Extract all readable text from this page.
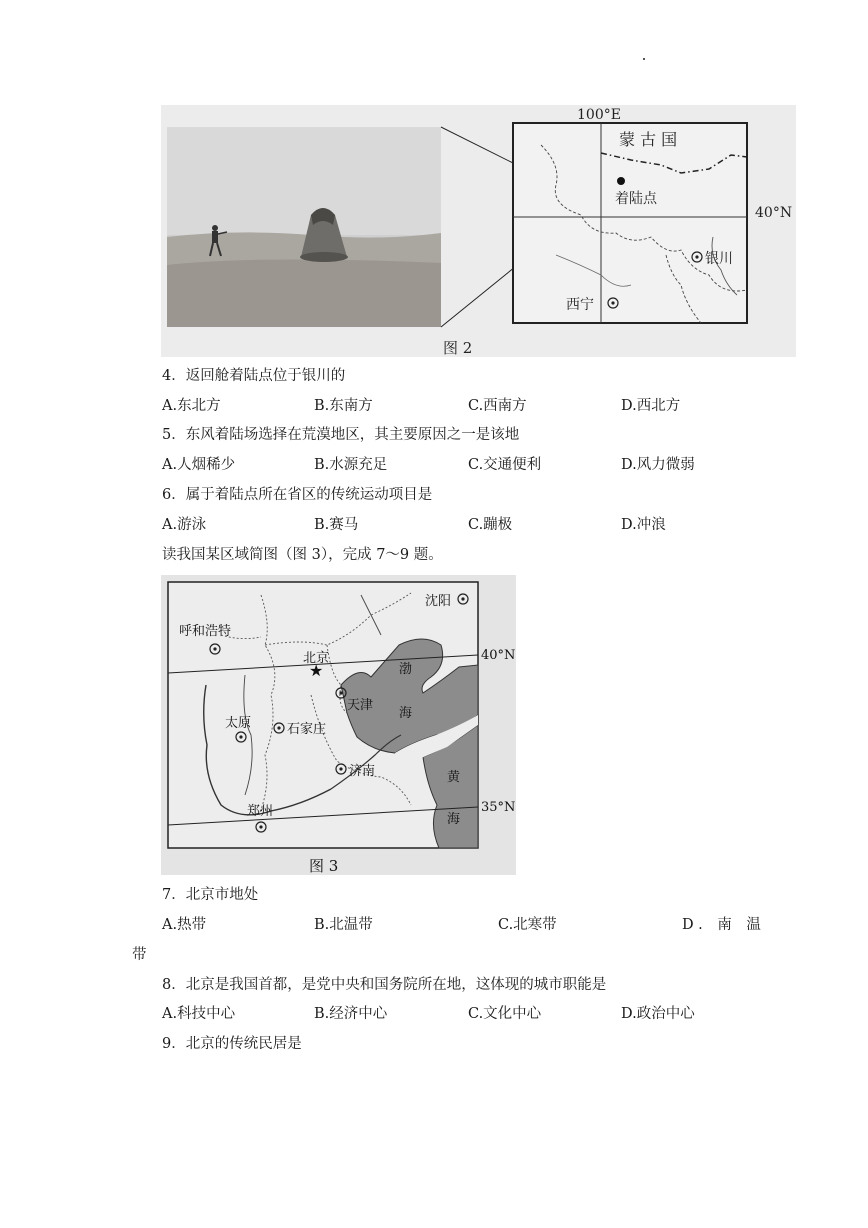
100°E
40°N
蒙 古 国
着陆点
银川
西宁
图 2
4．返回舱着陆点位于银川的
A.东北方	B.东南方	C.西南方	D.西北方
5．东风着陆场选择在荒漠地区，其主要原因之一是该地
A.人烟稀少	B.水源充足	C.交通便利	D.风力微弱
6．属于着陆点所在省区的传统运动项目是
A.游泳	B.赛马	C.蹦极	D.冲浪
读我国某区域简图（图 3），完成 7～9 题。
★
沈阳
呼和浩特
北京
天津
太原	石家庄
济南
郑州
渤
海
黄
海
40°N
35°N
图 3
7．北京市地处
A.热带	B.北温带	C.北寒带	D. 南 温
带
8．北京是我国首都，是党中央和国务院所在地，这体现的城市职能是
A.科技中心	B.经济中心	C.文化中心	D.政治中心
9．北京的传统民居是
